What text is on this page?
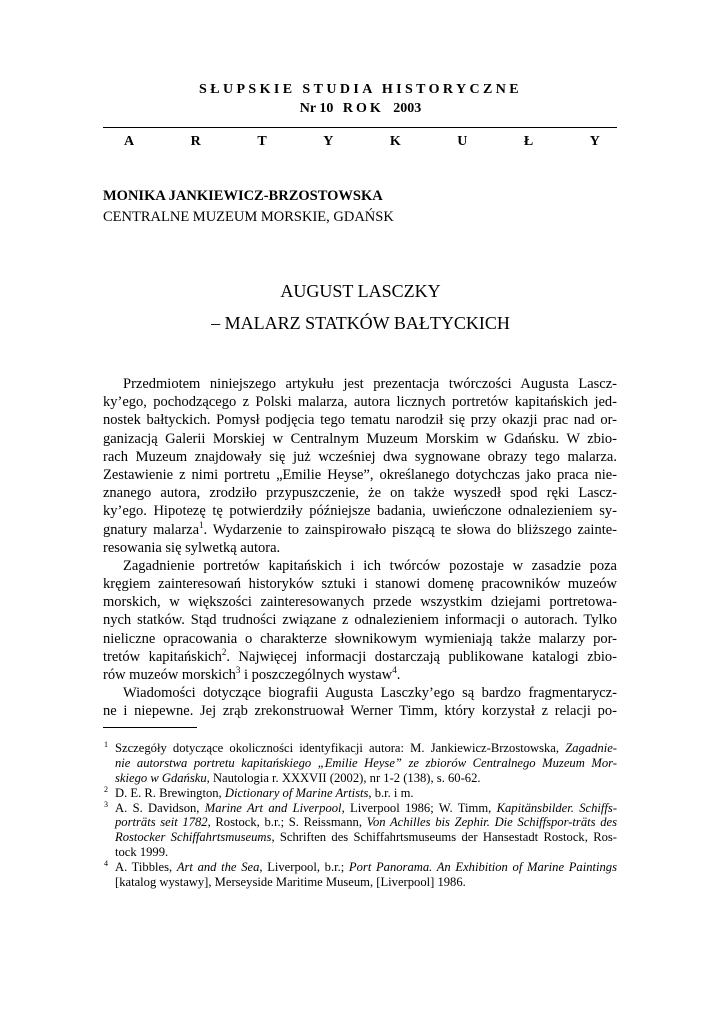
SŁUPSKIE STUDIA HISTORYCZNE
Nr 10 ROK 2003
A	R	T	Y	K	U	Ł	Y
MONIKA JANKIEWICZ-BRZOSTOWSKA
CENTRALNE MUZEUM MORSKIE, GDAŃSK
AUGUST LASCZKY
– MALARZ STATKÓW BAŁTYCKICH
Przedmiotem niniejszego artykułu jest prezentacja twórczości Augusta Lascz-
ky’ego, pochodzącego z Polski malarza, autora licznych portretów kapitańskich jed-
nostek bałtyckich. Pomysł podjęcia tego tematu narodził się przy okazji prac nad or-
ganizacją Galerii Morskiej w Centralnym Muzeum Morskim w Gdańsku. W zbio-
rach Muzeum znajdowały się już wcześniej dwa sygnowane obrazy tego malarza.
Zestawienie z nimi portretu „Emilie Heyse”, określanego dotychczas jako praca nie-
znanego autora, zrodziło przypuszczenie, że on także wyszedł spod ręki Lascz-
ky’ego. Hipotezę tę potwierdziły późniejsze badania, uwieńczone odnalezieniem sy-
gnatury malarza$^1$. Wydarzenie to zainspirowało piszącą te słowa do bliższego zainte-
resowania się sylwetką autora.
Zagadnienie portretów kapitańskich i ich twórców pozostaje w zasadzie poza
kręgiem zainteresowań historyków sztuki i stanowi domenę pracowników muzeów
morskich, w większości zainteresowanych przede wszystkim dziejami portretowa-
nych statków. Stąd trudności związane z odnalezieniem informacji o autorach. Tylko
nieliczne opracowania o charakterze słownikowym wymieniają także malarzy por-
tretów kapitańskich$^2$. Najwięcej informacji dostarczają publikowane katalogi zbio-
rów muzeów morskich$^3$ i poszczególnych wystaw$^4$.
Wiadomości dotyczące biografii Augusta Lasczky’ego są bardzo fragmentarycz-
ne i niepewne. Jej zrąb zrekonstruował Werner Timm, który korzystał z relacji po-
1 Szczegóły dotyczące okoliczności identyfikacji autora: M. Jankiewicz-Brzostowska, Zagadnie-
nie autorstwa portretu kapitańskiego „Emilie Heyse” ze zbiorów Centralnego Muzeum Mor-
skiego w Gdańsku, Nautologia r. XXXVII (2002), nr 1-2 (138), s. 60-62.
2 D. E. R. Brewington, Dictionary of Marine Artists, b.r. i m.
3 A. S. Davidson, Marine Art and Liverpool, Liverpool 1986; W. Timm, Kapitänsbilder. Schiffs-
porträts seit 1782, Rostock, b.r.; S. Reissmann, Von Achilles bis Zephir. Die Schiffspor-träts des
Rostocker Schiffahrtsmuseums, Schriften des Schiffahrtsmuseums der Hansestadt Rostock, Ros-
tock 1999.
4 A. Tibbles, Art and the Sea, Liverpool, b.r.; Port Panorama. An Exhibition of Marine Paintings
[katalog wystawy], Merseyside Maritime Museum, [Liverpool] 1986.
